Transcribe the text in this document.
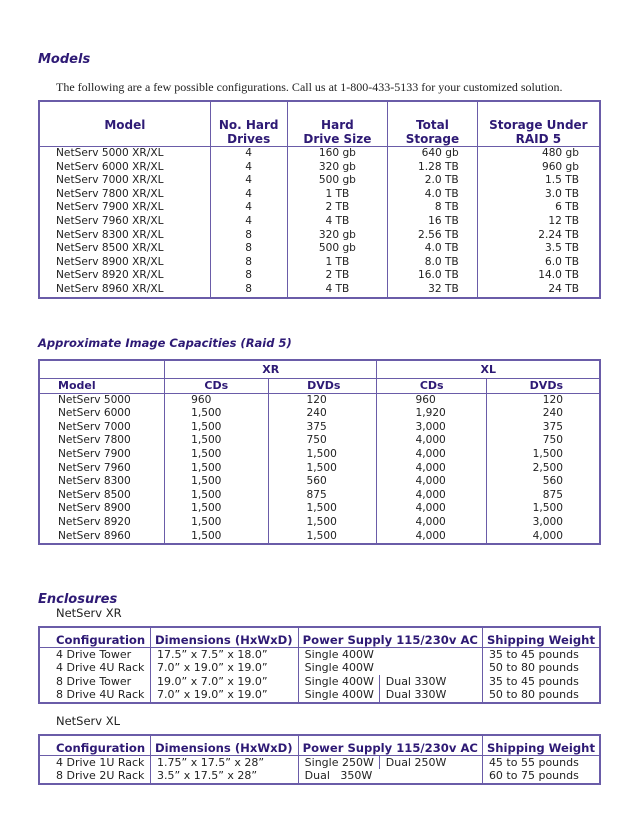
Models
The following are a few possible configurations. Call us at 1-800-433-5133 for your customized solution.
Model	No. Hard	Hard	Total	Storage Under
	Drives	Drive Size	Storage	RAID 5
NetServ 5000 XR/XL	4	160 gb	640 gb	480 gb
NetServ 6000 XR/XL	4	320 gb	1.28 TB	960 gb
NetServ 7000 XR/XL	4	500 gb	2.0 TB	1.5 TB
NetServ 7800 XR/XL	4	1 TB	4.0 TB	3.0 TB
NetServ 7900 XR/XL	4	2 TB	8 TB	6 TB
NetServ 7960 XR/XL	4	4 TB	16 TB	12 TB
NetServ 8300 XR/XL	8	320 gb	2.56 TB	2.24 TB
NetServ 8500 XR/XL	8	500 gb	4.0 TB	3.5 TB
NetServ 8900 XR/XL	8	1 TB	8.0 TB	6.0 TB
NetServ 8920 XR/XL	8	2 TB	16.0 TB	14.0 TB
NetServ 8960 XR/XL	8	4 TB	32 TB	24 TB
Approximate Image Capacities (Raid 5)
	XR		XL	
Model	CDs	DVDs	CDs	DVDs
NetServ 5000	960	120	960	120
NetServ 6000	1,500	240	1,920	240
NetServ 7000	1,500	375	3,000	375
NetServ 7800	1,500	750	4,000	750
NetServ 7900	1,500	1,500	4,000	1,500
NetServ 7960	1,500	1,500	4,000	2,500
NetServ 8300	1,500	560	4,000	560
NetServ 8500	1,500	875	4,000	875
NetServ 8900	1,500	1,500	4,000	1,500
NetServ 8920	1,500	1,500	4,000	3,000
NetServ 8960	1,500	1,500	4,000	4,000
Enclosures
NetServ XR
Configuration	Dimensions (HxWxD)	Power Supply 115/230v AC		Shipping Weight
4 Drive Tower	17.5” x 7.5” x 18.0”	Single 400W		35 to 45 pounds
4 Drive 4U Rack	7.0” x 19.0” x 19.0”	Single 400W		50 to 80 pounds
8 Drive Tower	19.0” x 7.0” x 19.0”	Single 400W	Dual 330W	35 to 45 pounds
8 Drive 4U Rack	7.0” x 19.0” x 19.0”	Single 400W	Dual 330W	50 to 80 pounds
NetServ XL
Configuration	Dimensions (HxWxD)	Power Supply 115/230v AC		Shipping Weight
4 Drive 1U Rack	1.75” x 17.5” x 28”	Single 250W	Dual 250W	45 to 55 pounds
8 Drive 2U Rack	3.5” x 17.5” x 28”	Dual   350W		60 to 75 pounds
